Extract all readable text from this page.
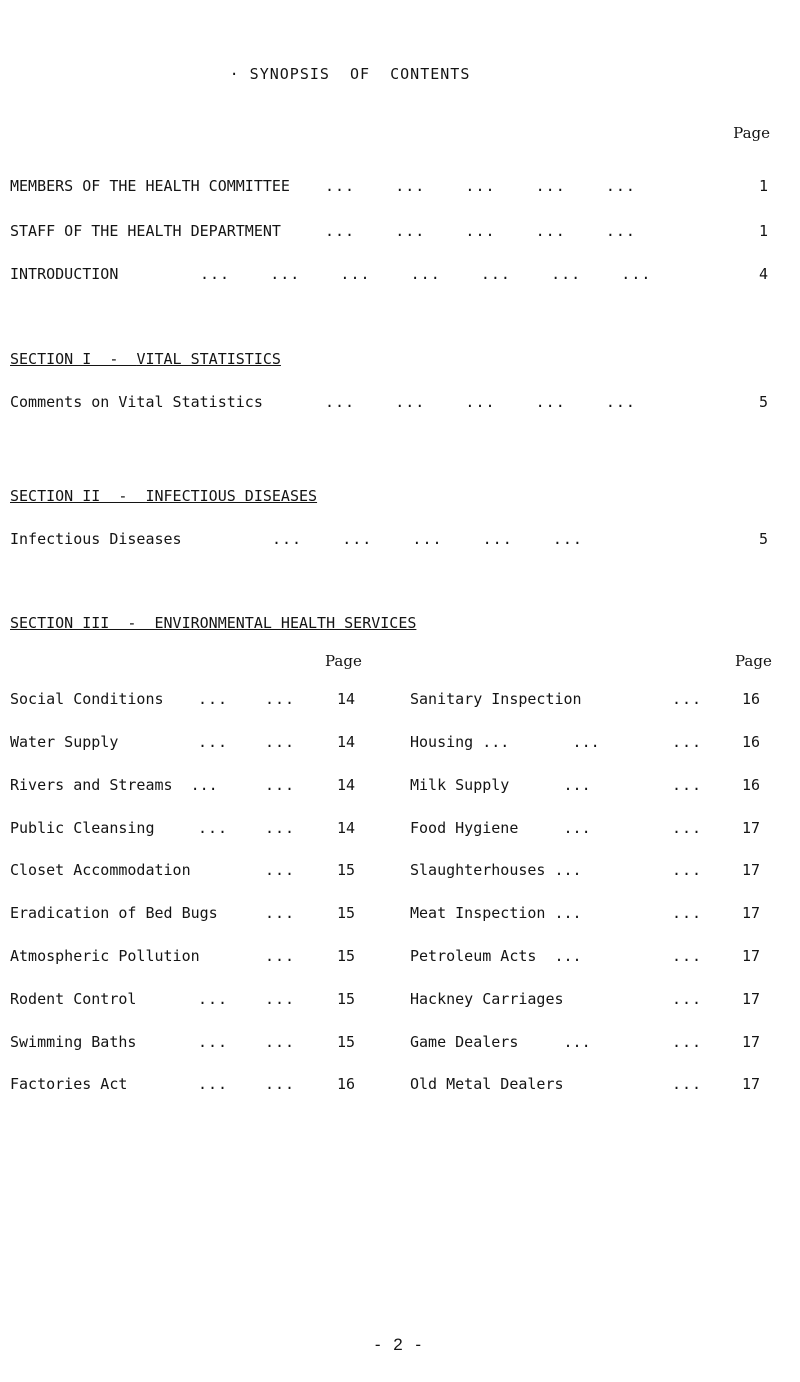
· SYNOPSIS  OF  CONTENTS
Page
MEMBERS OF THE HEALTH COMMITTEE ...    ...    ...    ...    ...	1
STAFF OF THE HEALTH DEPARTMENT	...    ...    ...    ...    ...	1
INTRODUCTION	...    ...    ...    ...    ...    ...    ...	4
SECTION I  -  VITAL STATISTICS
Comments on Vital Statistics	...    ...    ...    ...    ...	5
SECTION II  -  INFECTIOUS DISEASES
Infectious Diseases	...    ...    ...    ...    ...	5
SECTION III  -  ENVIRONMENTAL HEALTH SERVICES
Page	Page
Social Conditions ... ...	14	Sanitary Inspection	...	16
Water Supply	... ...	14	Housing ...       ...	...	16
Rivers and Streams  ...	...	14	Milk Supply      ...	...	16
Public Cleansing	... ...	14	Food Hygiene     ...	...	17
Closet Accommodation	...	15	Slaughterhouses ...	...	17
Eradication of Bed Bugs	...	15	Meat Inspection ...	...	17
Atmospheric Pollution	...	15	Petroleum Acts  ...	...	17
Rodent Control	... ...	15	Hackney Carriages	...	17
Swimming Baths	... ...	15	Game Dealers     ...	...	17
Factories Act	... ...	16	Old Metal Dealers	...	17
- 2 -
